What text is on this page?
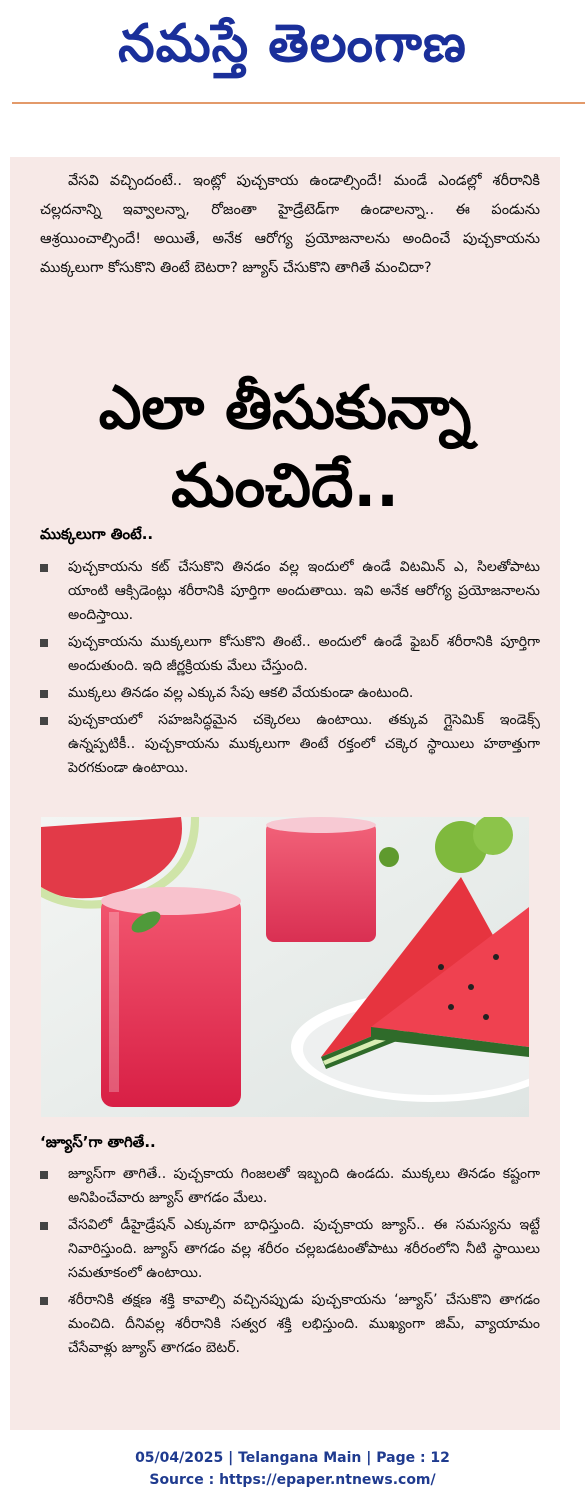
నమస్తే తెలంగాణ
వేసవి వచ్చిందంటే.. ఇంట్లో పుచ్చకాయ ఉండాల్సిందే! మండే ఎండల్లో శరీరానికి చల్లదనాన్ని ఇవ్వాలన్నా, రోజంతా హైడ్రేటెడ్‌గా ఉండాలన్నా.. ఈ పండును ఆశ్రయించాల్సిందే! అయితే, అనేక ఆరోగ్య ప్రయోజనాలను అందించే పుచ్చకాయను ముక్కలుగా కోసుకొని తింటే బెటరా? జ్యూస్ చేసుకొని తాగితే మంచిదా?
ఎలా తీసుకున్నా
మంచిదే..
ముక్కలుగా తింటే..
పుచ్చకాయను కట్ చేసుకొని తినడం వల్ల ఇందులో ఉండే విటమిన్ ఎ, సిలతోపాటు యాంటి ఆక్సిడెంట్లు శరీరానికి పూర్తిగా అందుతాయి. ఇవి అనేక ఆరోగ్య ప్రయోజనాలను అందిస్తాయి.
పుచ్చకాయను ముక్కలుగా కోసుకొని తింటే.. అందులో ఉండే ఫైబర్ శరీరానికి పూర్తిగా అందుతుంది. ఇది జీర్ణక్రియకు మేలు చేస్తుంది.
ముక్కలు తినడం వల్ల ఎక్కువ సేపు ఆకలి వేయకుండా ఉంటుంది.
పుచ్చకాయలో సహజసిద్ధమైన చక్కెరలు ఉంటాయి. తక్కువ గ్లైసెమిక్ ఇండెక్స్ ఉన్నప్పటికీ.. పుచ్చకాయను ముక్కలుగా తింటే రక్తంలో చక్కెర స్థాయిలు హఠాత్తుగా పెరగకుండా ఉంటాయి.
‘జ్యూస్’గా తాగితే..
జ్యూస్‌గా తాగితే.. పుచ్చకాయ గింజలతో ఇబ్బంది ఉండదు. ముక్కలు తినడం కష్టంగా అనిపించేవారు జ్యూస్ తాగడం మేలు.
వేసవిలో డీహైడ్రేషన్ ఎక్కువగా బాధిస్తుంది. పుచ్చకాయ జ్యూస్.. ఈ సమస్యను ఇట్టే నివారిస్తుంది. జ్యూస్ తాగడం వల్ల శరీరం చల్లబడటంతోపాటు శరీరంలోని నీటి స్థాయిలు సమతూకంలో ఉంటాయి.
శరీరానికి తక్షణ శక్తి కావాల్సి వచ్చినప్పుడు పుచ్చకాయను ‘జ్యూస్’ చేసుకొని తాగడం మంచిది. దీనివల్ల శరీరానికి సత్వర శక్తి లభిస్తుంది. ముఖ్యంగా జిమ్, వ్యాయామం చేసేవాళ్లు జ్యూస్ తాగడం బెటర్.
05/04/2025 | Telangana Main | Page : 12
Source : https://epaper.ntnews.com/
